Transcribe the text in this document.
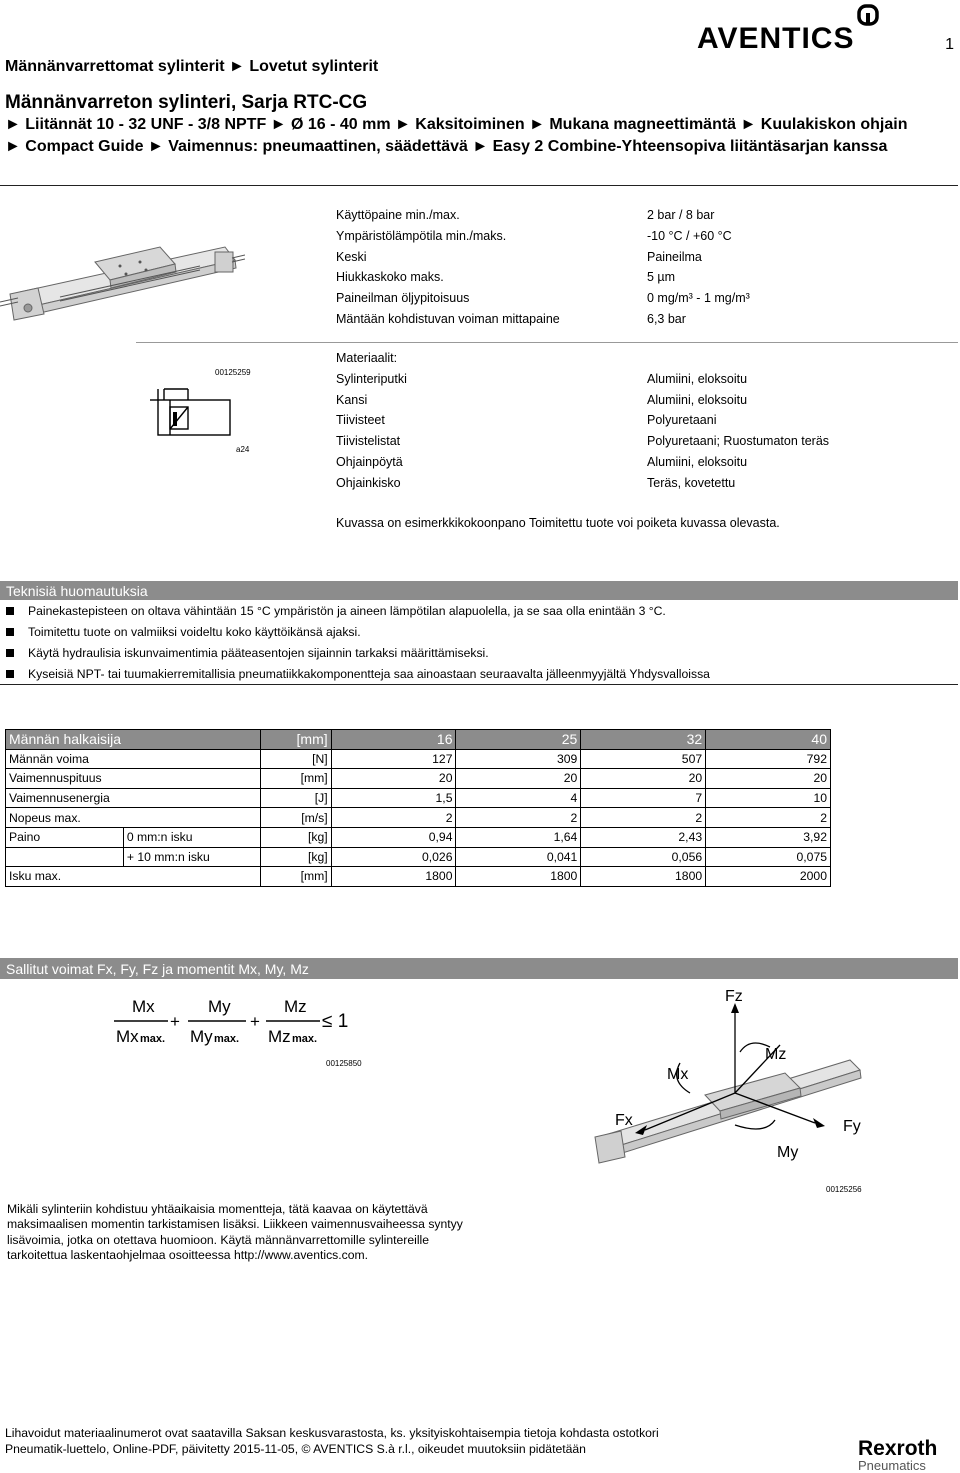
Männänvarrettomat sylinterit ► Lovetut sylinterit
AVENTICS	1
Männänvarreton sylinteri, Sarja RTC-CG
► Liitännät 10 - 32 UNF - 3/8 NPTF ► Ø 16 - 40 mm ► Kaksitoiminen ► Mukana magneettimäntä ► Kuulakiskon ohjain ► Compact Guide ► Vaimennus: pneumaattinen, säädettävä ► Easy 2 Combine-Yhteensopiva liitäntäsarjan kanssa
Käyttöpaine min./max.	2 bar / 8 bar
Ympäristölämpötila min./maks.	-10 °C / +60 °C
Keski	Paineilma
Hiukkaskoko maks.	5 µm
Paineilman öljypitoisuus	0 mg/m³ - 1 mg/m³
Mäntään kohdistuvan voiman mittapaine	6,3 bar
00125259
a24
Materiaalit:
Sylinteriputki	Alumiini, eloksoitu
Kansi	Alumiini, eloksoitu
Tiivisteet	Polyuretaani
Tiivistelistat	Polyuretaani; Ruostumaton teräs
Ohjainpöytä	Alumiini, eloksoitu
Ohjainkisko	Teräs, kovetettu
Kuvassa on esimerkkikokoonpano Toimitettu tuote voi poiketa kuvassa olevasta.
Teknisiä huomautuksia
Painekastepisteen on oltava vähintään 15 °C ympäristön ja aineen lämpötilan alapuolella, ja se saa olla enintään 3 °C.
Toimitettu tuote on valmiiksi voideltu koko käyttöikänsä ajaksi.
Käytä hydraulisia iskunvaimentimia pääteasentojen sijainnin tarkaksi määrittämiseksi.
Kyseisiä NPT- tai tuumakierremitallisia pneumatiikkakomponentteja saa ainoastaan seuraavalta jälleenmyyjältä Yhdysvalloissa
Männän halkaisija		[mm]	16	25	32	40
Männän voima		[N]	127	309	507	792
Vaimennuspituus		[mm]	20	20	20	20
Vaimennusenergia		[J]	1,5	4	7	10
Nopeus max.		[m/s]	2	2	2	2
Paino	0 mm:n isku	[kg]	0,94	1,64	2,43	3,92
	+ 10 mm:n isku	[kg]	0,026	0,041	0,056	0,075
Isku max.		[mm]	1800	1800	1800	2000
Sallitut voimat Fx, Fy, Fz ja momentit Mx, My, Mz
Mx	My	Mz
Mx	My	Mz
+	+	≤ 1
max.	max.	max.
00125850
Fz
Mz
Mx
Fx	Fy
My
00125256
Mikäli sylinteriin kohdistuu yhtäaikaisia momentteja, tätä kaavaa on käytettävä maksimaalisen momentin tarkistamisen lisäksi. Liikkeen vaimennusvaiheessa syntyy lisävoimia, jotka on otettava huomioon. Käytä männänvarrettomille sylintereille tarkoitettua laskentaohjelmaa osoitteessa http://www.aventics.com.
Lihavoidut materiaalinumerot ovat saatavilla Saksan keskusvarastosta, ks. yksityiskohtaisempia tietoja kohdasta ostotkori
Pneumatik-luettelo, Online-PDF, päivitetty 2015-11-05, © AVENTICS S.à r.l., oikeudet muutoksiin pidätetään	Rexroth
Pneumatics
